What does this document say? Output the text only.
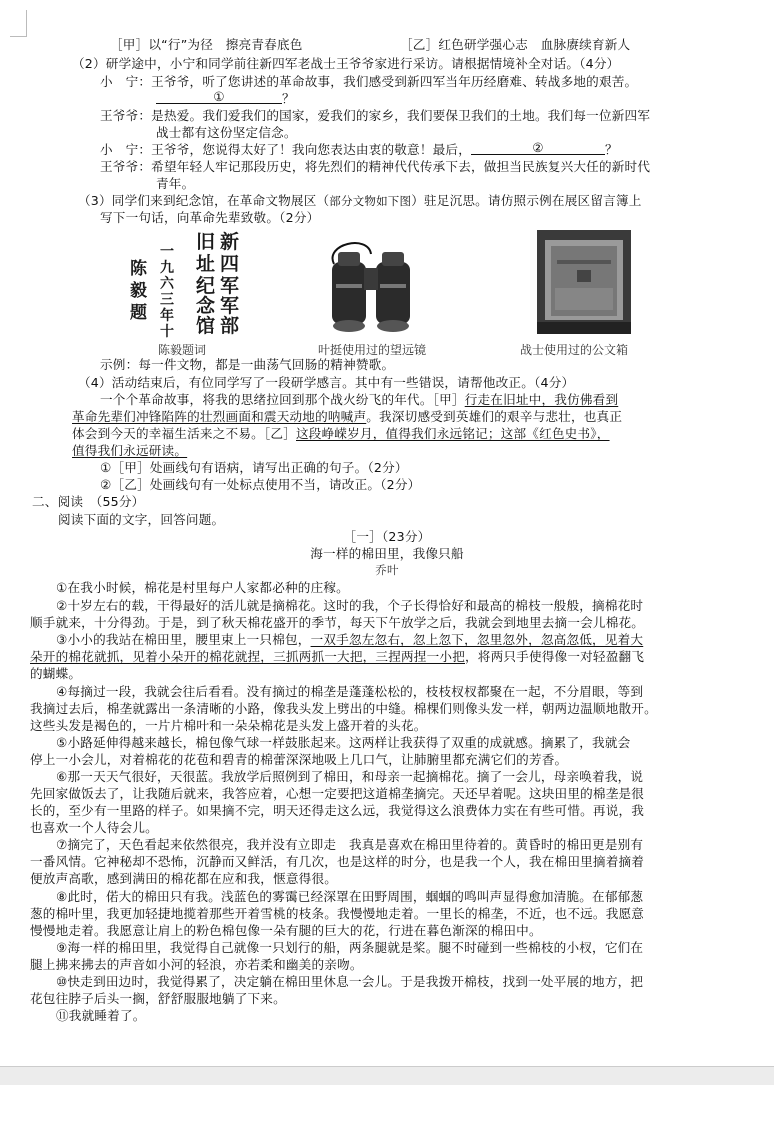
［甲］以“行”为径　擦亮青春底色	［乙］红色研学强心志　血脉赓续育新人
（2）研学途中，小宁和同学前往新四军老战士王爷爷家进行采访。请根据情境补全对话。（4分）
小　宁：王爷爷，听了您讲述的革命故事，我们感受到新四军当年历经磨难、转战多地的艰苦。
①	？
王爷爷：是热爱。我们爱我们的国家，爱我们的家乡，我们要保卫我们的土地。我们每一位新四军
战士都有这份坚定信念。
小　宁：王爷爷，您说得太好了！我向您表达由衷的敬意！最后，	②	？
王爷爷：希望年轻人牢记那段历史，将先烈们的精神代代传承下去，做担当民族复兴大任的新时代
青年。
（3）同学们来到纪念馆，在革命文物展区（部分文物如下图）驻足沉思。请仿照示例在展区留言簿上
写下一句话，向革命先辈致敬。（2分）
新
四
军
军
部
旧
址
纪
念
馆
一
九
六
三
年
十
陈
毅
题
陈毅题词	叶挺使用过的望远镜	战士使用过的公文箱
示例：每一件文物，都是一曲荡气回肠的精神赞歌。
（4）活动结束后，有位同学写了一段研学感言。其中有一些错误，请帮他改正。（4分）
一个个革命故事，将我的思绪拉回到那个战火纷飞的年代。［甲］行走在旧址中，我仿佛看到
革命先辈们冲锋陷阵的壮烈画面和震天动地的呐喊声。我深切感受到英雄们的艰辛与悲壮，也真正
体会到今天的幸福生活来之不易。［乙］这段峥嵘岁月，值得我们永远铭记；这部《红色史书》，
值得我们永远研读。
①［甲］处画线句有语病，请写出正确的句子。（2分）
②［乙］处画线句有一处标点使用不当，请改正。（2分）
二、阅读　（55分）
阅读下面的文字，回答问题。
［一］（23分）
海一样的棉田里，我像只船
乔叶
①在我小时候，棉花是村里每户人家都必种的庄稼。
②十岁左右的载，干得最好的活儿就是摘棉花。这时的我，个子长得恰好和最高的棉枝一般般，摘棉花时
顺手就来，十分得劲。于是，到了秋天棉花盛开的季节，每天下午放学之后，我就会到地里去摘一会儿棉花。
③小小的我站在棉田里，腰里束上一只棉包，一双手忽左忽右，忽上忽下，忽里忽外，忽高忽低，见着大
朵开的棉花就抓，见着小朵开的棉花就捏，三抓两抓一大把，三捏两捏一小把，将两只手使得像一对轻盈翻飞
的蝴蝶。
④每摘过一段，我就会往后看看。没有摘过的棉垄是蓬蓬松松的，枝枝杈杈都聚在一起，不分眉眼，等到
我摘过去后，棉垄就露出一条清晰的小路，像我头发上劈出的中缝。棉棵们则像头发一样，朝两边温顺地散开。
这些头发是褐色的，一片片棉叶和一朵朵棉花是头发上盛开着的头花。
⑤小路延伸得越来越长，棉包像气球一样鼓胀起来。这两样让我获得了双重的成就感。摘累了，我就会
停上一小会儿，对着棉花的花苞和碧青的棉蕾深深地吸上几口气，让肺腑里都充满它们的芳香。
⑥那一天天气很好，天很蓝。我放学后照例到了棉田，和母亲一起摘棉花。摘了一会儿，母亲唤着我，说
先回家做饭去了，让我随后就来，我答应着，心想一定要把这道棉垄摘完。天还早着呢。这块田里的棉垄是很
长的，至少有一里路的样子。如果摘不完，明天还得走这么远，我觉得这么浪费体力实在有些可惜。再说，我
也喜欢一个人待会儿。
⑦摘完了，天色看起来依然很亮，我并没有立即走　我真是喜欢在棉田里待着的。黄昏时的棉田更是别有
一番风情。它神秘却不恐怖，沉静而又鲜活，有几次，也是这样的时分，也是我一个人，我在棉田里摘着摘着
便放声高歌，感到满田的棉花都在应和我，惬意得很。
⑧此时，偌大的棉田只有我。浅蓝色的雾霭已经深罩在田野周围，蝈蝈的鸣叫声显得愈加清脆。在郁郁葱
葱的棉叶里，我更加轻捷地揽着那些开着雪桃的枝条。我慢慢地走着。一里长的棉垄，不近，也不远。我愿意
慢慢地走着。我愿意让肩上的粉色棉包像一朵有腿的巨大的花，行进在暮色渐深的棉田中。
⑨海一样的棉田里，我觉得自己就像一只划行的船，两条腿就是桨。腿不时碰到一些棉枝的小杈，它们在
腿上拂来拂去的声音如小河的轻浪，亦若柔和幽美的亲吻。
⑩快走到田边时，我觉得累了，决定躺在棉田里休息一会儿。于是我拨开棉枝，找到一处平展的地方，把
花包往脖子后头一搁，舒舒服服地躺了下来。
⑪我就睡着了。
